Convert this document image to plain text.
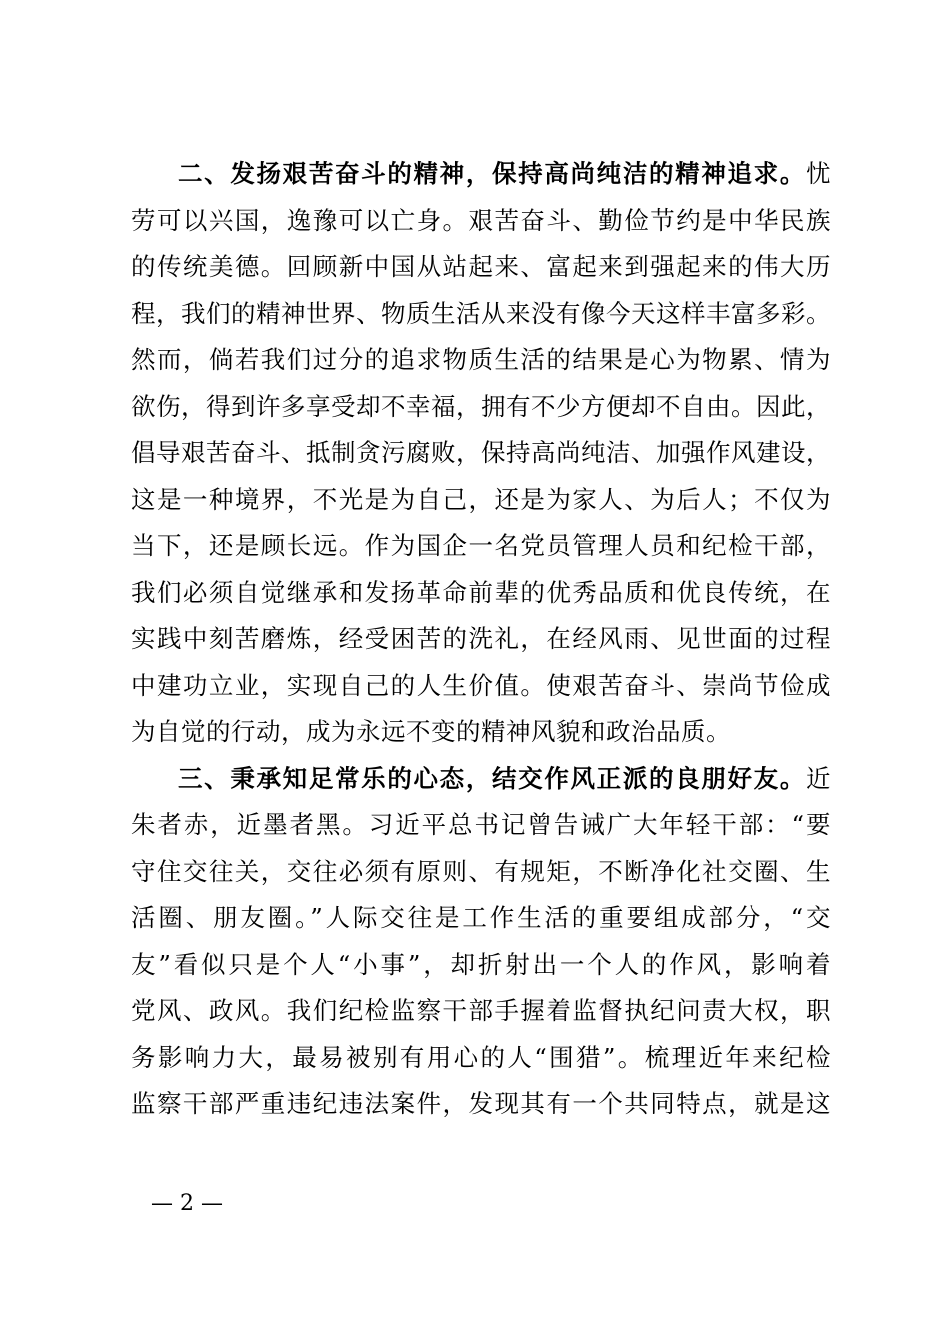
二、发扬艰苦奋斗的精神，保持高尚纯洁的精神追求。忧
劳可以兴国，逸豫可以亡身。艰苦奋斗、勤俭节约是中华民族
的传统美德。回顾新中国从站起来、富起来到强起来的伟大历
程，我们的精神世界、物质生活从来没有像今天这样丰富多彩。
然而，倘若我们过分的追求物质生活的结果是心为物累、情为
欲伤，得到许多享受却不幸福，拥有不少方便却不自由。因此，
倡导艰苦奋斗、抵制贪污腐败，保持高尚纯洁、加强作风建设，
这是一种境界，不光是为自己，还是为家人、为后人；不仅为
当下，还是顾长远。作为国企一名党员管理人员和纪检干部，
我们必须自觉继承和发扬革命前辈的优秀品质和优良传统，在
实践中刻苦磨炼，经受困苦的洗礼，在经风雨、见世面的过程
中建功立业，实现自己的人生价值。使艰苦奋斗、崇尚节俭成
为自觉的行动，成为永远不变的精神风貌和政治品质。
三、秉承知足常乐的心态，结交作风正派的良朋好友。近
朱者赤，近墨者黑。习近平总书记曾告诫广大年轻干部：“要
守住交往关，交往必须有原则、有规矩，不断净化社交圈、生
活圈、朋友圈。”人际交往是工作生活的重要组成部分，“交
友”看似只是个人“小事”，却折射出一个人的作风，影响着
党风、政风。我们纪检监察干部手握着监督执纪问责大权，职
务影响力大，最易被别有用心的人“围猎”。梳理近年来纪检
监察干部严重违纪违法案件，发现其有一个共同特点，就是这
— 2 —
